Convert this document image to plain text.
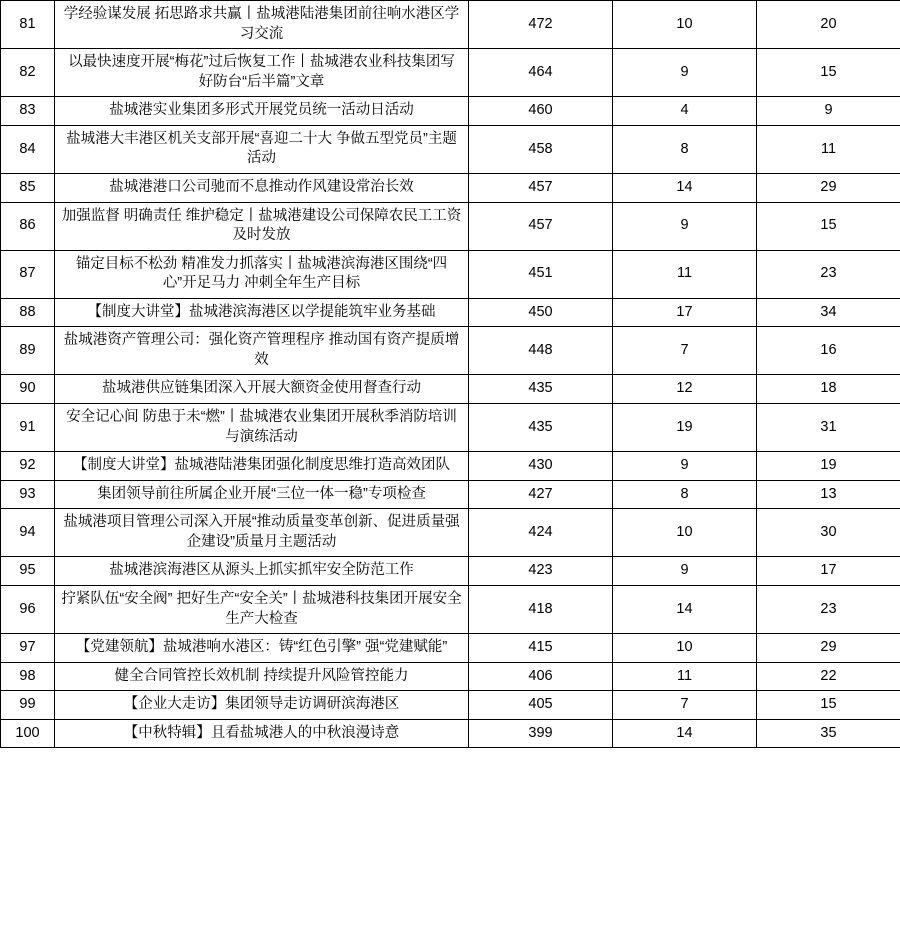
81	学经验谋发展 拓思路求共赢丨盐城港陆港集团前往响水港区学习交流	472	10	20
82	以最快速度开展“梅花”过后恢复工作丨盐城港农业科技集团写好防台“后半篇”文章	464	9	15
83	盐城港实业集团多形式开展党员统一活动日活动	460	4	9
84	盐城港大丰港区机关支部开展“喜迎二十大 争做五型党员”主题活动	458	8	11
85	盐城港港口公司驰而不息推动作风建设常治长效	457	14	29
86	加强监督 明确责任 维护稳定丨盐城港建设公司保障农民工工资及时发放	457	9	15
87	锚定目标不松劲 精准发力抓落实丨盐城港滨海港区围绕“四心”开足马力 冲刺全年生产目标	451	11	23
88	【制度大讲堂】盐城港滨海港区以学提能筑牢业务基础	450	17	34
89	盐城港资产管理公司：强化资产管理程序 推动国有资产提质增效	448	7	16
90	盐城港供应链集团深入开展大额资金使用督查行动	435	12	18
91	安全记心间 防患于未“燃”丨盐城港农业集团开展秋季消防培训与演练活动	435	19	31
92	【制度大讲堂】盐城港陆港集团强化制度思维打造高效团队	430	9	19
93	集团领导前往所属企业开展“三位一体一稳”专项检查	427	8	13
94	盐城港项目管理公司深入开展“推动质量变革创新、促进质量强企建设”质量月主题活动	424	10	30
95	盐城港滨海港区从源头上抓实抓牢安全防范工作	423	9	17
96	拧紧队伍“安全阀” 把好生产“安全关”丨盐城港科技集团开展安全生产大检查	418	14	23
97	【党建领航】盐城港响水港区：铸“红色引擎” 强“党建赋能”	415	10	29
98	健全合同管控长效机制 持续提升风险管控能力	406	11	22
99	【企业大走访】集团领导走访调研滨海港区	405	7	15
100	【中秋特辑】且看盐城港人的中秋浪漫诗意	399	14	35
